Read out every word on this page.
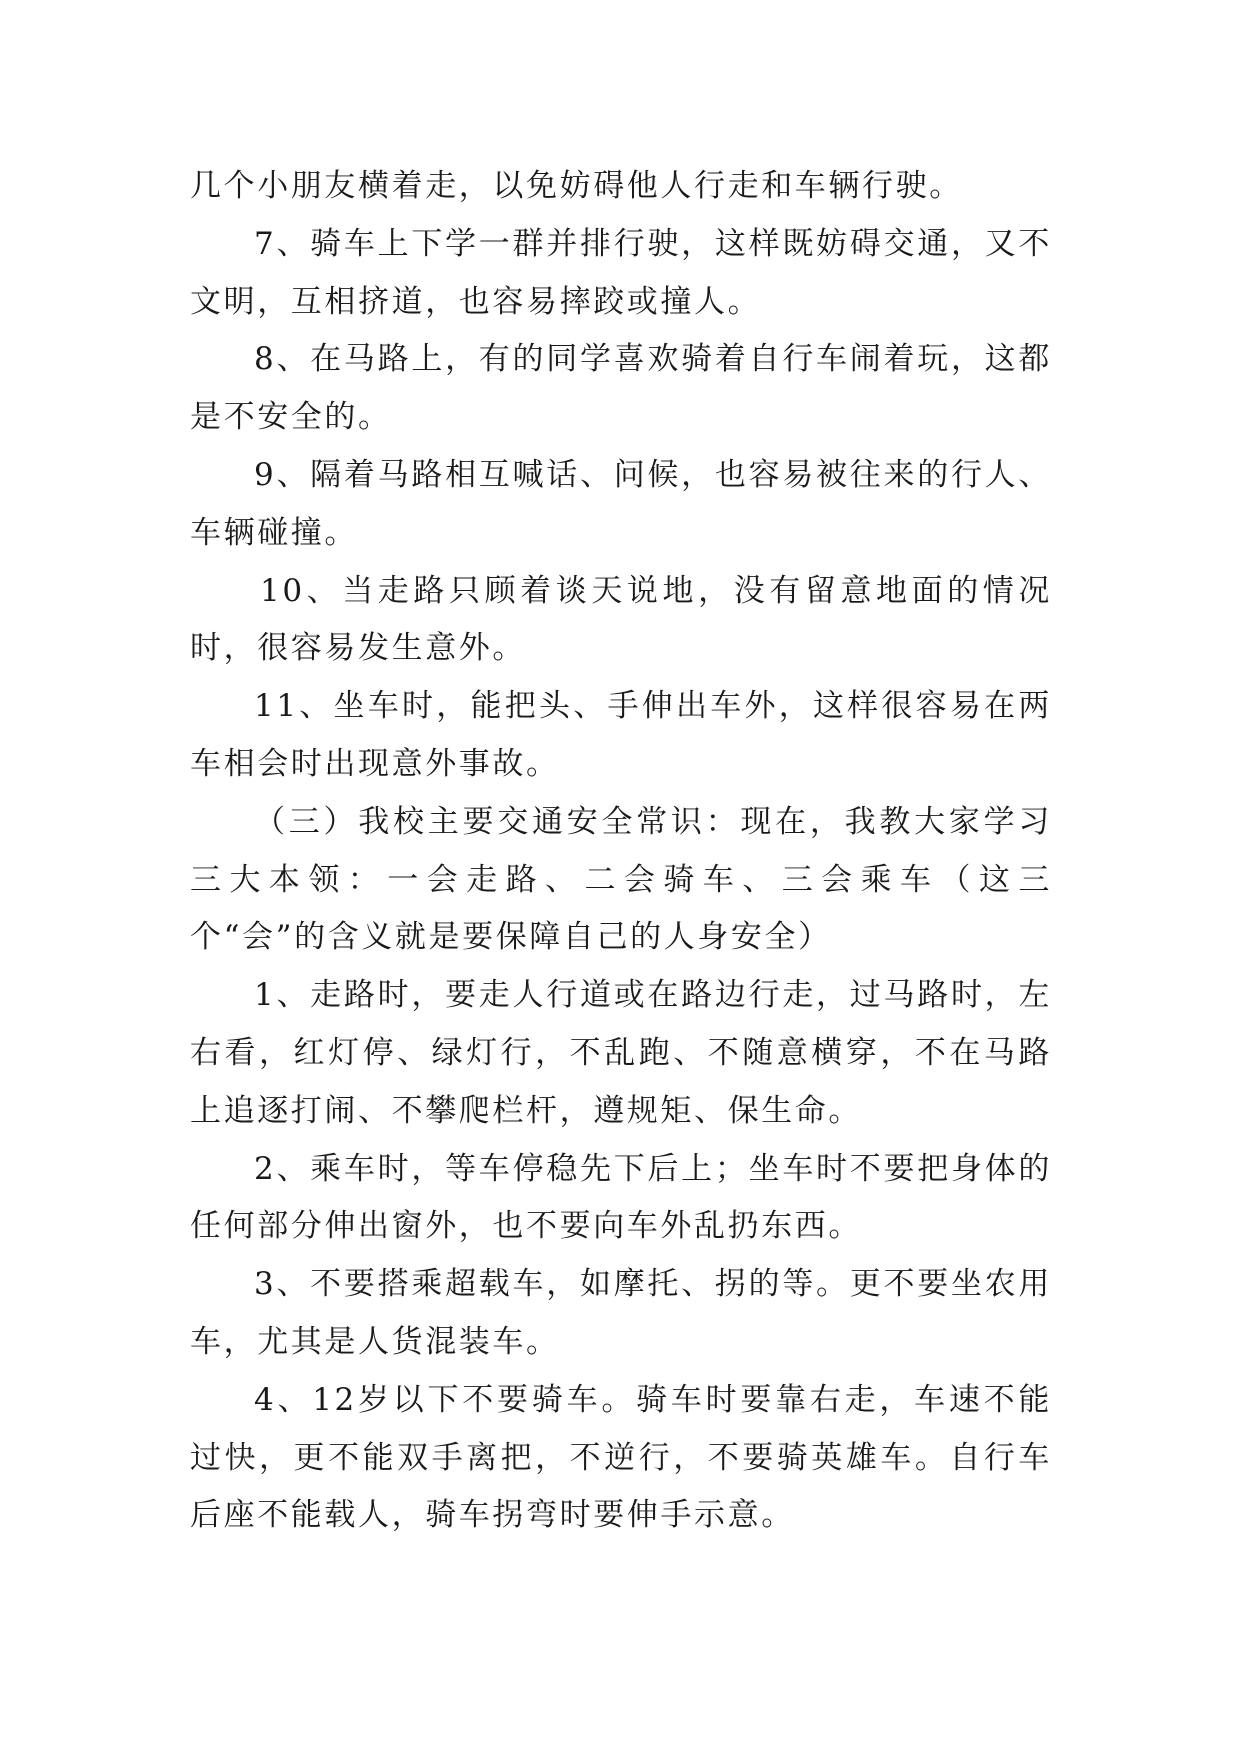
几个小朋友横着走，以免妨碍他人行走和车辆行驶。

7、骑车上下学一群并排行驶，这样既妨碍交通，又不文明，互相挤道，也容易摔跤或撞人。

8、在马路上，有的同学喜欢骑着自行车闹着玩，这都是不安全的。

9、隔着马路相互喊话、问候，也容易被往来的行人、车辆碰撞。

10、当走路只顾着谈天说地，没有留意地面的情况时，很容易发生意外。

11、坐车时，能把头、手伸出车外，这样很容易在两车相会时出现意外事故。

（三）我校主要交通安全常识：现在，我教大家学习三大本领：一会走路、二会骑车、三会乘车（这三个“会”的含义就是要保障自己的人身安全）

1、走路时，要走人行道或在路边行走，过马路时，左右看，红灯停、绿灯行，不乱跑、不随意横穿，不在马路上追逐打闹、不攀爬栏杆，遵规矩、保生命。

2、乘车时，等车停稳先下后上；坐车时不要把身体的任何部分伸出窗外，也不要向车外乱扔东西。

3、不要搭乘超载车，如摩托、拐的等。更不要坐农用车，尤其是人货混装车。

4、12岁以下不要骑车。骑车时要靠右走，车速不能过快，更不能双手离把，不逆行，不要骑英雄车。自行车后座不能载人，骑车拐弯时要伸手示意。
